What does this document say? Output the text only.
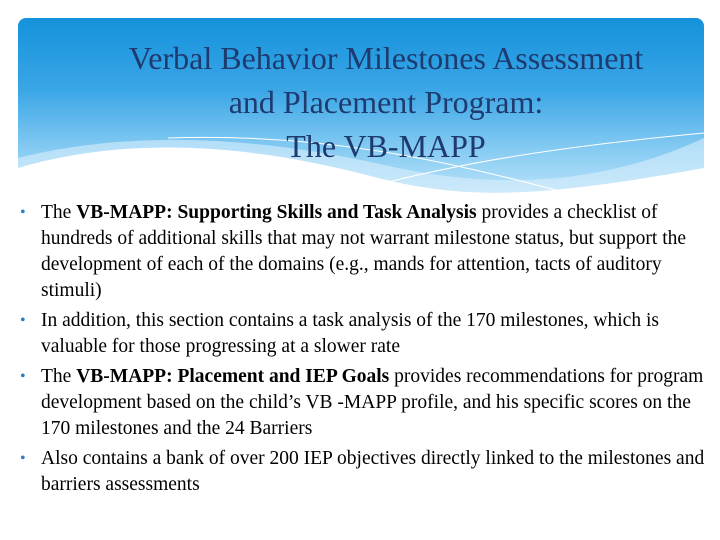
Verbal Behavior Milestones Assessment
and Placement Program:
The VB-MAPP
• The VB-MAPP: Supporting Skills and Task Analysis provides a checklist of hundreds of additional skills that may not warrant milestone status, but support the development of each of the domains (e.g., mands for attention, tacts of auditory stimuli)
• In addition, this section contains a task analysis of the 170 milestones, which is valuable for those progressing at a slower rate
• The VB-MAPP: Placement and IEP Goals provides recommendations for program development based on the child’s VB -MAPP profile, and his specific scores on the 170 milestones and the 24 Barriers
• Also contains a bank of over 200 IEP objectives directly linked to the milestones and barriers assessments
